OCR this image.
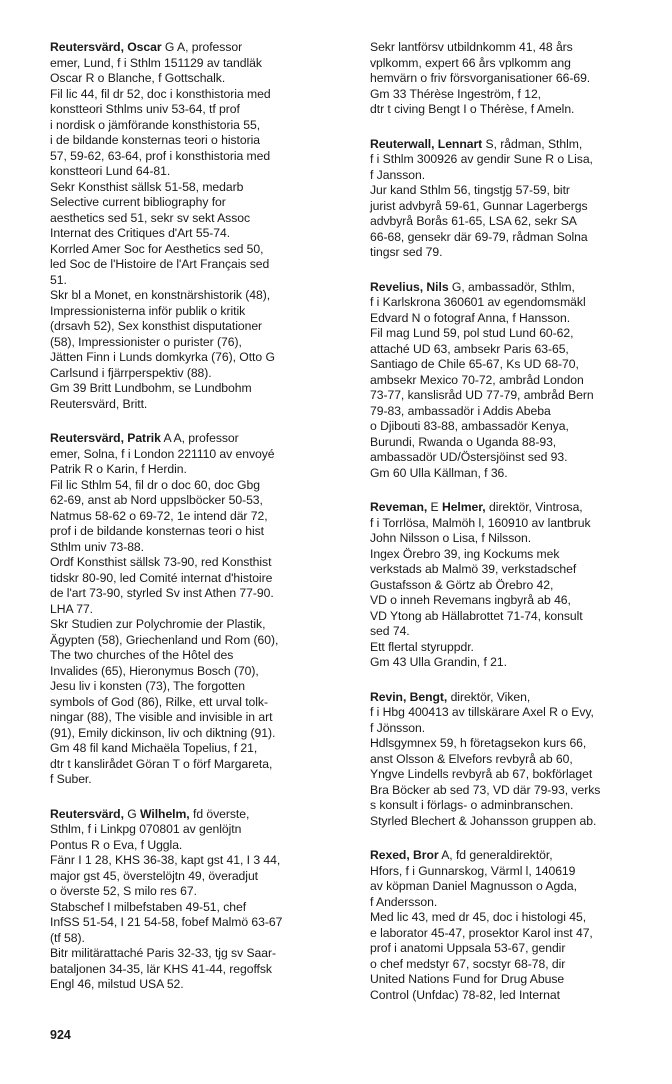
Reutersvärd, Oscar G A, professor
emer, Lund, f i Sthlm 151129 av tandläk
Oscar R o Blanche, f Gottschalk.
Fil lic 44, fil dr 52, doc i konsthistoria med
konstteori Sthlms univ 53-64, tf prof
i nordisk o jämförande konsthistoria 55,
i de bildande konsternas teori o historia
57, 59-62, 63-64, prof i konsthistoria med
konstteori Lund 64-81.
Sekr Konsthist sällsk 51-58, medarb
Selective current bibliography for
aesthetics sed 51, sekr sv sekt Assoc
Internat des Critiques d'Art 55-74.
Korrled Amer Soc for Aesthetics sed 50,
led Soc de l'Histoire de l'Art Français sed
51.
Skr bl a Monet, en konstnärshistorik (48),
Impressionisterna inför publik o kritik
(drsavh 52), Sex konsthist disputationer
(58), Impressionister o purister (76),
Jätten Finn i Lunds domkyrka (76), Otto G
Carlsund i fjärrperspektiv (88).
Gm 39 Britt Lundbohm, se Lundbohm
Reutersvärd, Britt.
Reutersvärd, Patrik A A, professor
emer, Solna, f i London 221110 av envoyé
Patrik R o Karin, f Herdin.
Fil lic Sthlm 54, fil dr o doc 60, doc Gbg
62-69, anst ab Nord uppslböcker 50-53,
Natmus 58-62 o 69-72, 1e intend där 72,
prof i de bildande konsternas teori o hist
Sthlm univ 73-88.
Ordf Konsthist sällsk 73-90, red Konsthist
tidskr 80-90, led Comité internat d'histoire
de l'art 73-90, styrled Sv inst Athen 77-90.
LHA 77.
Skr Studien zur Polychromie der Plastik,
Ägypten (58), Griechenland und Rom (60),
The two churches of the Hôtel des
Invalides (65), Hieronymus Bosch (70),
Jesu liv i konsten (73), The forgotten
symbols of God (86), Rilke, ett urval tolk-
ningar (88), The visible and invisible in art
(91), Emily dickinson, liv och diktning (91).
Gm 48 fil kand Michaëla Topelius, f 21,
dtr t kanslirådet Göran T o förf Margareta,
f Suber.
Reutersvärd, G Wilhelm, fd överste,
Sthlm, f i Linkpg 070801 av genlöjtn
Pontus R o Eva, f Uggla.
Fänr I 1 28, KHS 36-38, kapt gst 41, I 3 44,
major gst 45, överstelöjtn 49, överadjut
o överste 52, S milo res 67.
Stabschef I milbefstaben 49-51, chef
InfSS 51-54, I 21 54-58, fobef Malmö 63-67
(tf 58).
Bitr militärattaché Paris 32-33, tjg sv Saar-
bataljonen 34-35, lär KHS 41-44, regoffsk
Engl 46, milstud USA 52.
Sekr lantförsv utbildnkomm 41, 48 års
vplkomm, expert 66 års vplkomm ang
hemvärn o friv försvorganisationer 66-69.
Gm 33 Thérèse Ingeström, f 12,
dtr t civing Bengt I o Thérèse, f Ameln.
Reuterwall, Lennart S, rådman, Sthlm,
f i Sthlm 300926 av gendir Sune R o Lisa,
f Jansson.
Jur kand Sthlm 56, tingstjg 57-59, bitr
jurist advbyrå 59-61, Gunnar Lagerbergs
advbyrå Borås 61-65, LSA 62, sekr SA
66-68, gensekr där 69-79, rådman Solna
tingsr sed 79.
Revelius, Nils G, ambassadör, Sthlm,
f i Karlskrona 360601 av egendomsmäkl
Edvard N o fotograf Anna, f Hansson.
Fil mag Lund 59, pol stud Lund 60-62,
attaché UD 63, ambsekr Paris 63-65,
Santiago de Chile 65-67, Ks UD 68-70,
ambsekr Mexico 70-72, ambråd London
73-77, kanslisråd UD 77-79, ambråd Bern
79-83, ambassadör i Addis Abeba
o Djibouti 83-88, ambassadör Kenya,
Burundi, Rwanda o Uganda 88-93,
ambassadör UD/Östersjöinst sed 93.
Gm 60 Ulla Källman, f 36.
Reveman, E Helmer, direktör, Vintrosa,
f i Torrlösa, Malmöh l, 160910 av lantbruk
John Nilsson o Lisa, f Nilsson.
Ingex Örebro 39, ing Kockums mek
verkstads ab Malmö 39, verkstadschef
Gustafsson & Görtz ab Örebro 42,
VD o inneh Revemans ingbyrå ab 46,
VD Ytong ab Hällabrottet 71-74, konsult
sed 74.
Ett flertal styruppdr.
Gm 43 Ulla Grandin, f 21.
Revin, Bengt, direktör, Viken,
f i Hbg 400413 av tillskärare Axel R o Evy,
f Jönsson.
Hdlsgymnex 59, h företagsekon kurs 66,
anst Olsson & Elvefors revbyrå ab 60,
Yngve Lindells revbyrå ab 67, bokförlaget
Bra Böcker ab sed 73, VD där 79-93, verks
s konsult i förlags- o adminbranschen.
Styrled Blechert & Johansson gruppen ab.
Rexed, Bror A, fd generaldirektör,
Hfors, f i Gunnarskog, Värml l, 140619
av köpman Daniel Magnusson o Agda,
f Andersson.
Med lic 43, med dr 45, doc i histologi 45,
e laborator 45-47, prosektor Karol inst 47,
prof i anatomi Uppsala 53-67, gendir
o chef medstyr 67, socstyr 68-78, dir
United Nations Fund for Drug Abuse
Control (Unfdac) 78-82, led Internat
924
